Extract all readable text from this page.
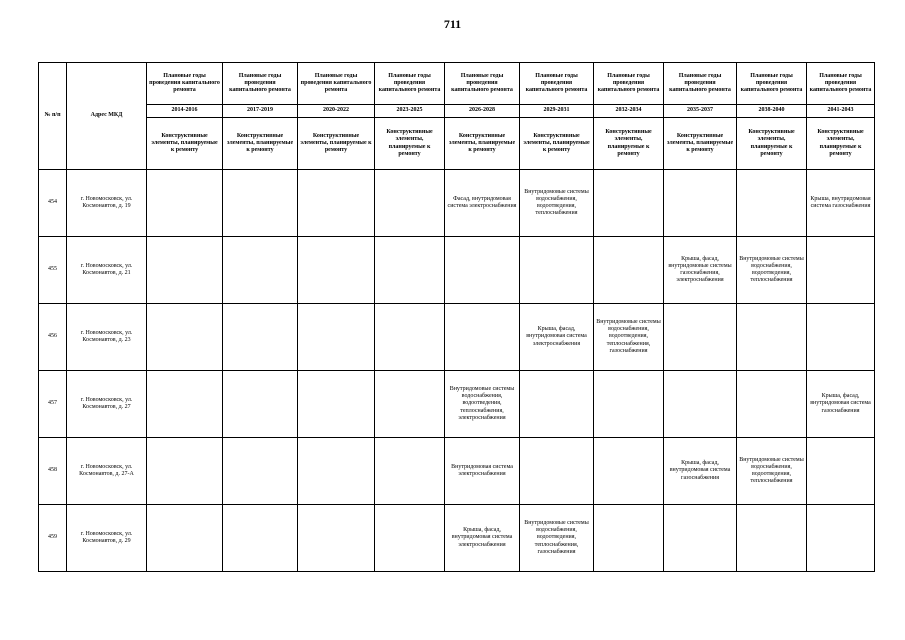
711
№ п/п	Адрес МКД	Плановые годы проведения капитального ремонта	Плановые годы проведения капитального ремонта	Плановые годы проведения капитального ремонта	Плановые годы проведения капитального ремонта	Плановые годы проведения капитального ремонта	Плановые годы проведения капитального ремонта	Плановые годы проведения капитального ремонта	Плановые годы проведения капитального ремонта	Плановые годы проведения капитального ремонта	Плановые годы проведения капитального ремонта
		2014-2016	2017-2019	2020-2022	2023-2025	2026-2028	2029-2031	2032-2034	2035-2037	2038-2040	2041-2043
		Конструктивные элементы, планируемые к ремонту	Конструктивные элементы, планируемые к ремонту	Конструктивные элементы, планируемые к ремонту	Конструктивные элементы, планируемые к ремонту	Конструктивные элементы, планируемые к ремонту	Конструктивные элементы, планируемые к ремонту	Конструктивные элементы, планируемые к ремонту	Конструктивные элементы, планируемые к ремонту	Конструктивные элементы, планируемые к ремонту	Конструктивные элементы, планируемые к ремонту
454	г. Новомосковск, ул. Космонавтов, д. 19					Фасад, внутридомовая система электроснабжения	Внутридомовые системы водоснабжения, водоотведения, теплоснабжения				Крыша, внутридомовая система газоснабжения
455	г. Новомосковск, ул. Космонавтов, д. 21								Крыша, фасад, внутридомовые системы газоснабжения, электроснабжения	Внутридомовые системы водоснабжения, водоотведения, теплоснабжения	
456	г. Новомосковск, ул. Космонавтов, д. 23						Крыша, фасад, внутридомовая система электроснабжения	Внутридомовые системы водоснабжения, водоотведения, теплоснабжения, газоснабжения			
457	г. Новомосковск, ул. Космонавтов, д. 27					Внутридомовые системы водоснабжения, водоотведения, теплоснабжения, электроснабжения					Крыша, фасад, внутридомовая система газоснабжения
458	г. Новомосковск, ул. Космонавтов, д. 27-А					Внутридомовая система электроснабжения			Крыша, фасад, внутридомовая система газоснабжения	Внутридомовые системы водоснабжения, водоотведения, теплоснабжения	
459	г. Новомосковск, ул. Космонавтов, д. 29					Крыша, фасад, внутридомовая система электроснабжения	Внутридомовые системы водоснабжения, водоотведения, теплоснабжения, газоснабжения				
